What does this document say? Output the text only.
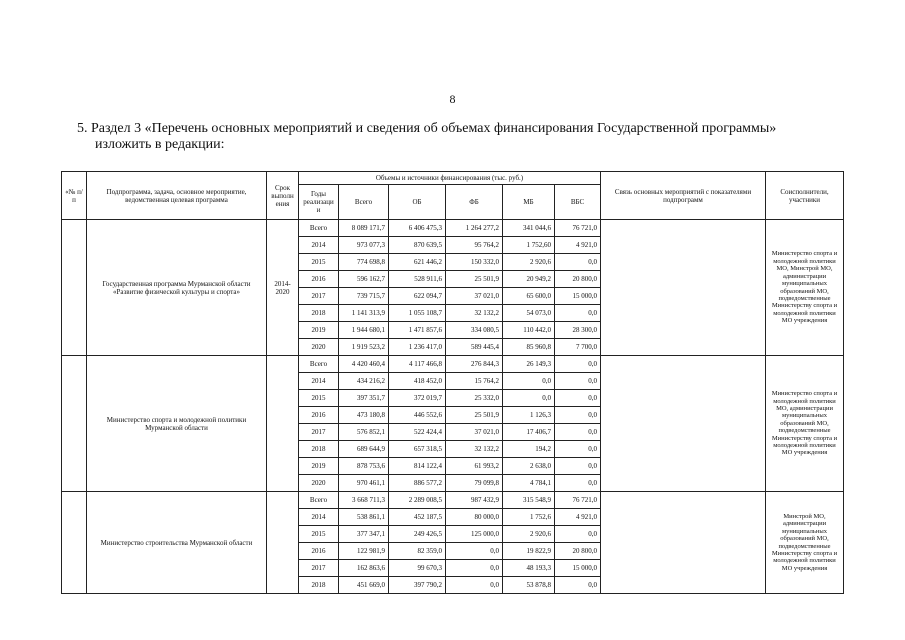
8
5. Раздел 3 «Перечень основных мероприятий и сведения об объемах финансирования Государственной программы»
изложить в редакции:
«№ п/п	Подпрограмма, задача, основное мероприятие, ведомственная целевая программа	Срок выполн ения	Объемы и источники финансирования (тыс. руб.)						Связь основных мероприятий с показателями подпрограмм	Соисполнители, участники
			Годы реализаци и	Всего	ОБ	ФБ	МБ	ВБС		
	Государственная программа Мурманской области «Развитие физической культуры и спорта»	2014-2020	Всего	8 089 171,7	6 406 475,3	1 264 277,2	341 044,6	76 721,0		Министерство спорта и молодежной политики МО, Минстрой МО, администрации муниципальных образований МО, подведомственные Министерству спорта и молодежной политики МО учреждения
			2014	973 077,3	870 639,5	95 764,2	1 752,60	4 921,0		
			2015	774 698,8	621 446,2	150 332,0	2 920,6	0,0		
			2016	596 162,7	528 911,6	25 501,9	20 949,2	20 800,0		
			2017	739 715,7	622 094,7	37 021,0	65 600,0	15 000,0		
			2018	1 141 313,9	1 055 108,7	32 132,2	54 073,0	0,0		
			2019	1 944 680,1	1 471 857,6	334 080,5	110 442,0	28 300,0		
			2020	1 919 523,2	1 236 417,0	589 445,4	85 960,8	7 700,0		
	Министерство спорта и молодежной политики Мурманской области		Всего	4 420 460,4	4 117 466,8	276 844,3	26 149,3	0,0		Министерство спорта и молодежной политики МО, администрации муниципальных образований МО, подведомственные Министерству спорта и молодежной политики МО учреждения
			2014	434 216,2	418 452,0	15 764,2	0,0	0,0		
			2015	397 351,7	372 019,7	25 332,0	0,0	0,0		
			2016	473 180,8	446 552,6	25 501,9	1 126,3	0,0		
			2017	576 852,1	522 424,4	37 021,0	17 406,7	0,0		
			2018	689 644,9	657 318,5	32 132,2	194,2	0,0		
			2019	878 753,6	814 122,4	61 993,2	2 638,0	0,0		
			2020	970 461,1	886 577,2	79 099,8	4 784,1	0,0		
	Министерство строительства Мурманской области		Всего	3 668 711,3	2 289 008,5	987 432,9	315 548,9	76 721,0		Минстрой МО, администрации муниципальных образований МО, подведомственные Министерству спорта и молодежной политики МО учреждения
			2014	538 861,1	452 187,5	80 000,0	1 752,6	4 921,0		
			2015	377 347,1	249 426,5	125 000,0	2 920,6	0,0		
			2016	122 981,9	82 359,0	0,0	19 822,9	20 800,0		
			2017	162 863,6	99 670,3	0,0	48 193,3	15 000,0		
			2018	451 669,0	397 790,2	0,0	53 878,8	0,0		
